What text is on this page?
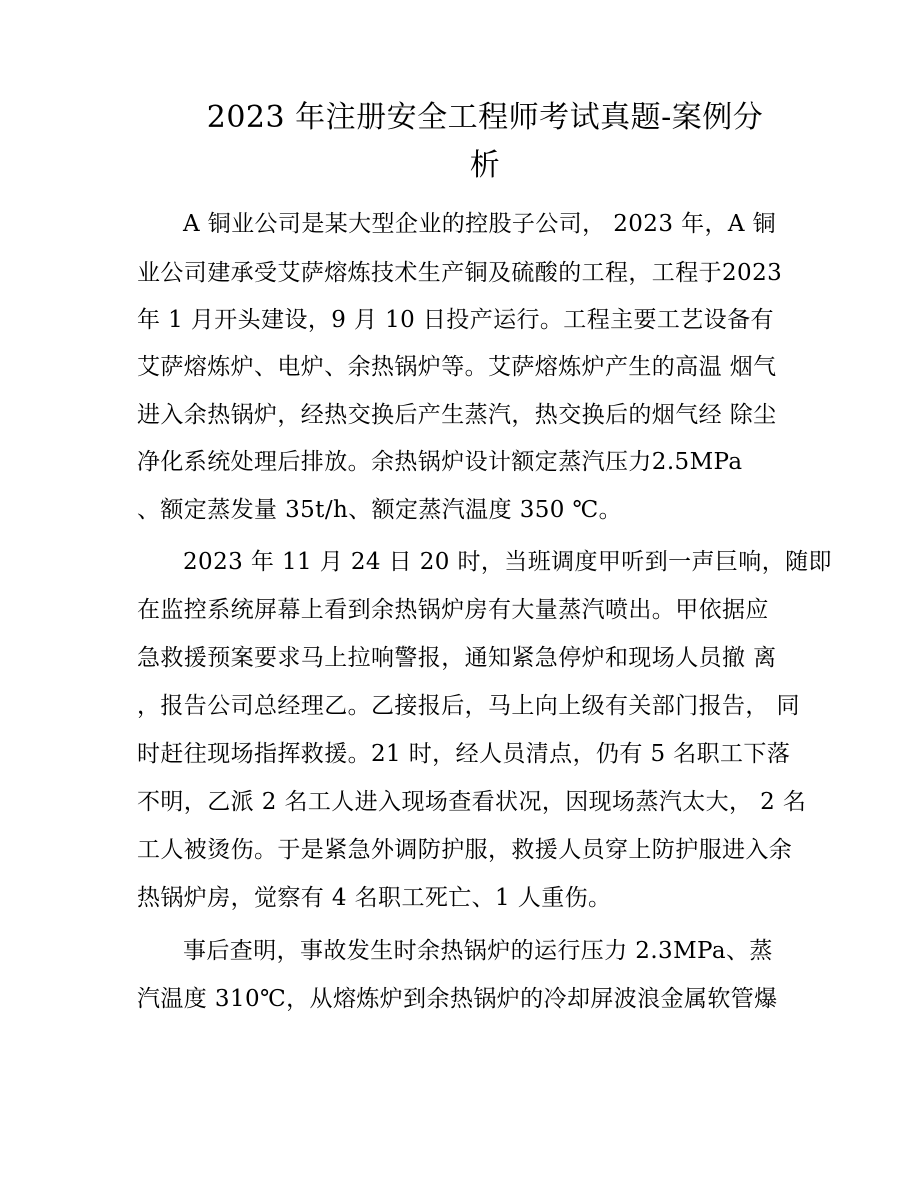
2023 年注册安全工程师考试真题-案例分
析
A 铜业公司是某大型企业的控股子公司， 2023 年，A 铜
业公司建承受艾萨熔炼技术生产铜及硫酸的工程，工程于2023
年 1 月开头建设，9 月 10 日投产运行。工程主要工艺设备有
艾萨熔炼炉、电炉、余热锅炉等。艾萨熔炼炉产生的高温 烟气
进入余热锅炉，经热交换后产生蒸汽，热交换后的烟气经 除尘
净化系统处理后排放。余热锅炉设计额定蒸汽压力2.5MPa
、额定蒸发量 35t/h、额定蒸汽温度 350 ℃。
2023 年 11 月 24 日 20 时，当班调度甲听到一声巨响，随即
在监控系统屏幕上看到余热锅炉房有大量蒸汽喷出。甲依据应
急救援预案要求马上拉响警报，通知紧急停炉和现场人员撤 离
，报告公司总经理乙。乙接报后，马上向上级有关部门报告， 同
时赶往现场指挥救援。21 时，经人员清点，仍有 5 名职工下落
不明，乙派 2 名工人进入现场查看状况，因现场蒸汽太大， 2 名
工人被烫伤。于是紧急外调防护服，救援人员穿上防护服进入余
热锅炉房，觉察有 4 名职工死亡、1 人重伤。
事后查明，事故发生时余热锅炉的运行压力 2.3MPa、蒸
汽温度 310℃，从熔炼炉到余热锅炉的冷却屏波浪金属软管爆
